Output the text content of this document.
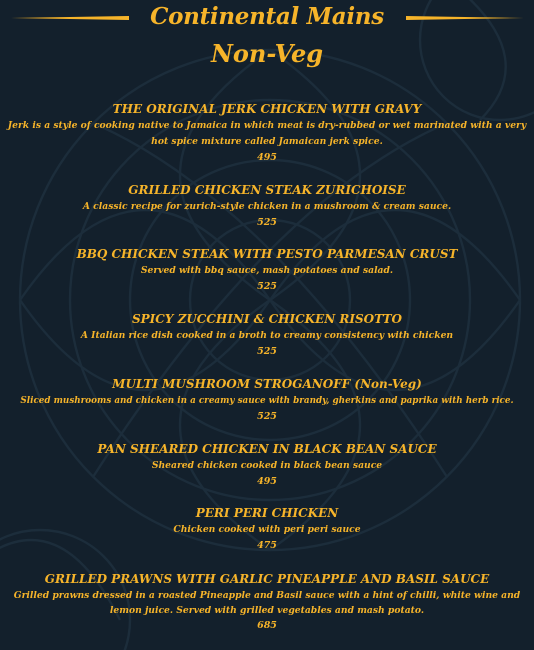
Continental Mains
Non-Veg
THE ORIGINAL JERK CHICKEN WITH GRAVY
Jerk is a style of cooking native to Jamaica in which meat is dry-rubbed or wet marinated with a very hot spice mixture called Jamaican jerk spice.
495
GRILLED CHICKEN STEAK ZURICHOISE
A classic recipe for zurich-style chicken in a mushroom & cream sauce.
525
BBQ CHICKEN STEAK WITH PESTO PARMESAN CRUST
Served with bbq sauce, mash potatoes and salad.
525
SPICY ZUCCHINI & CHICKEN RISOTTO
A Italian rice dish cooked in a broth to creamy consistency with chicken
525
MULTI MUSHROOM STROGANOFF (Non-Veg)
Sliced mushrooms and chicken in a creamy sauce with brandy, gherkins and paprika with herb rice.
525
PAN SHEARED CHICKEN IN BLACK BEAN SAUCE
Sheared chicken cooked in black bean sauce
495
PERI PERI CHICKEN
Chicken cooked with peri peri sauce
475
GRILLED PRAWNS WITH GARLIC PINEAPPLE AND BASIL SAUCE
Grilled prawns dressed in a roasted Pineapple and Basil sauce with a hint of chilli, white wine and lemon juice. Served with grilled vegetables and mash potato.
685
